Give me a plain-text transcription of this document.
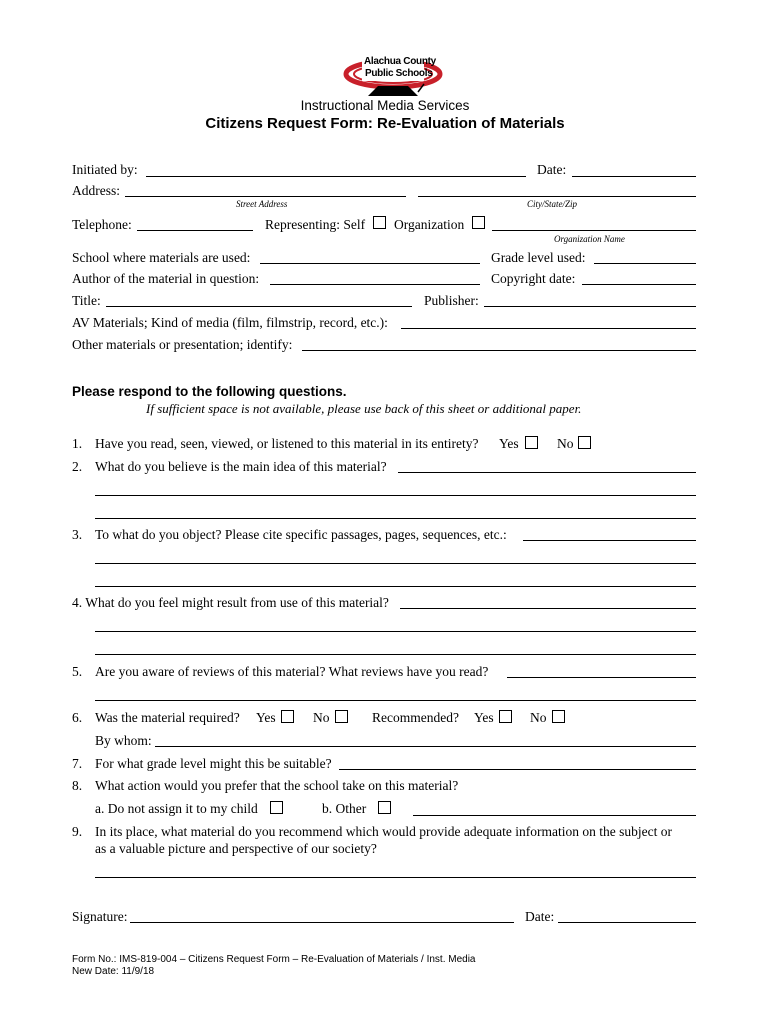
Alachua County
Public Schools
Instructional Media Services
Citizens Request Form: Re-Evaluation of Materials
Initiated by:	Date:
Address:
Street Address	City/State/Zip
Telephone:	Representing: Self Organization
Organization Name
School where materials are used:	Grade level used:
Author of the material in question:	Copyright date:
Title:	Publisher:
AV Materials; Kind of media (film, filmstrip, record, etc.):
Other materials or presentation; identify:
Please respond to the following questions.
If sufficient space is not available, please use back of this sheet or additional paper.
1. Have you read, seen, viewed, or listened to this material in its entirety? Yes	No
2. What do you believe is the main idea of this material?
3. To what do you object? Please cite specific passages, pages, sequences, etc.:
4. What do you feel might result from use of this material?
5. Are you aware of reviews of this material? What reviews have you read?
6. Was the material required? Yes	No	Recommended? Yes	No
By whom:
7. For what grade level might this be suitable?
8. What action would you prefer that the school take on this material?
a. Do not assign it to my child	b. Other
9. In its place, what material do you recommend which would provide adequate information on the subject or
as a valuable picture and perspective of our society?
Signature:	Date:
Form No.: IMS-819-004 – Citizens Request Form – Re-Evaluation of Materials / Inst. Media
New Date: 11/9/18
